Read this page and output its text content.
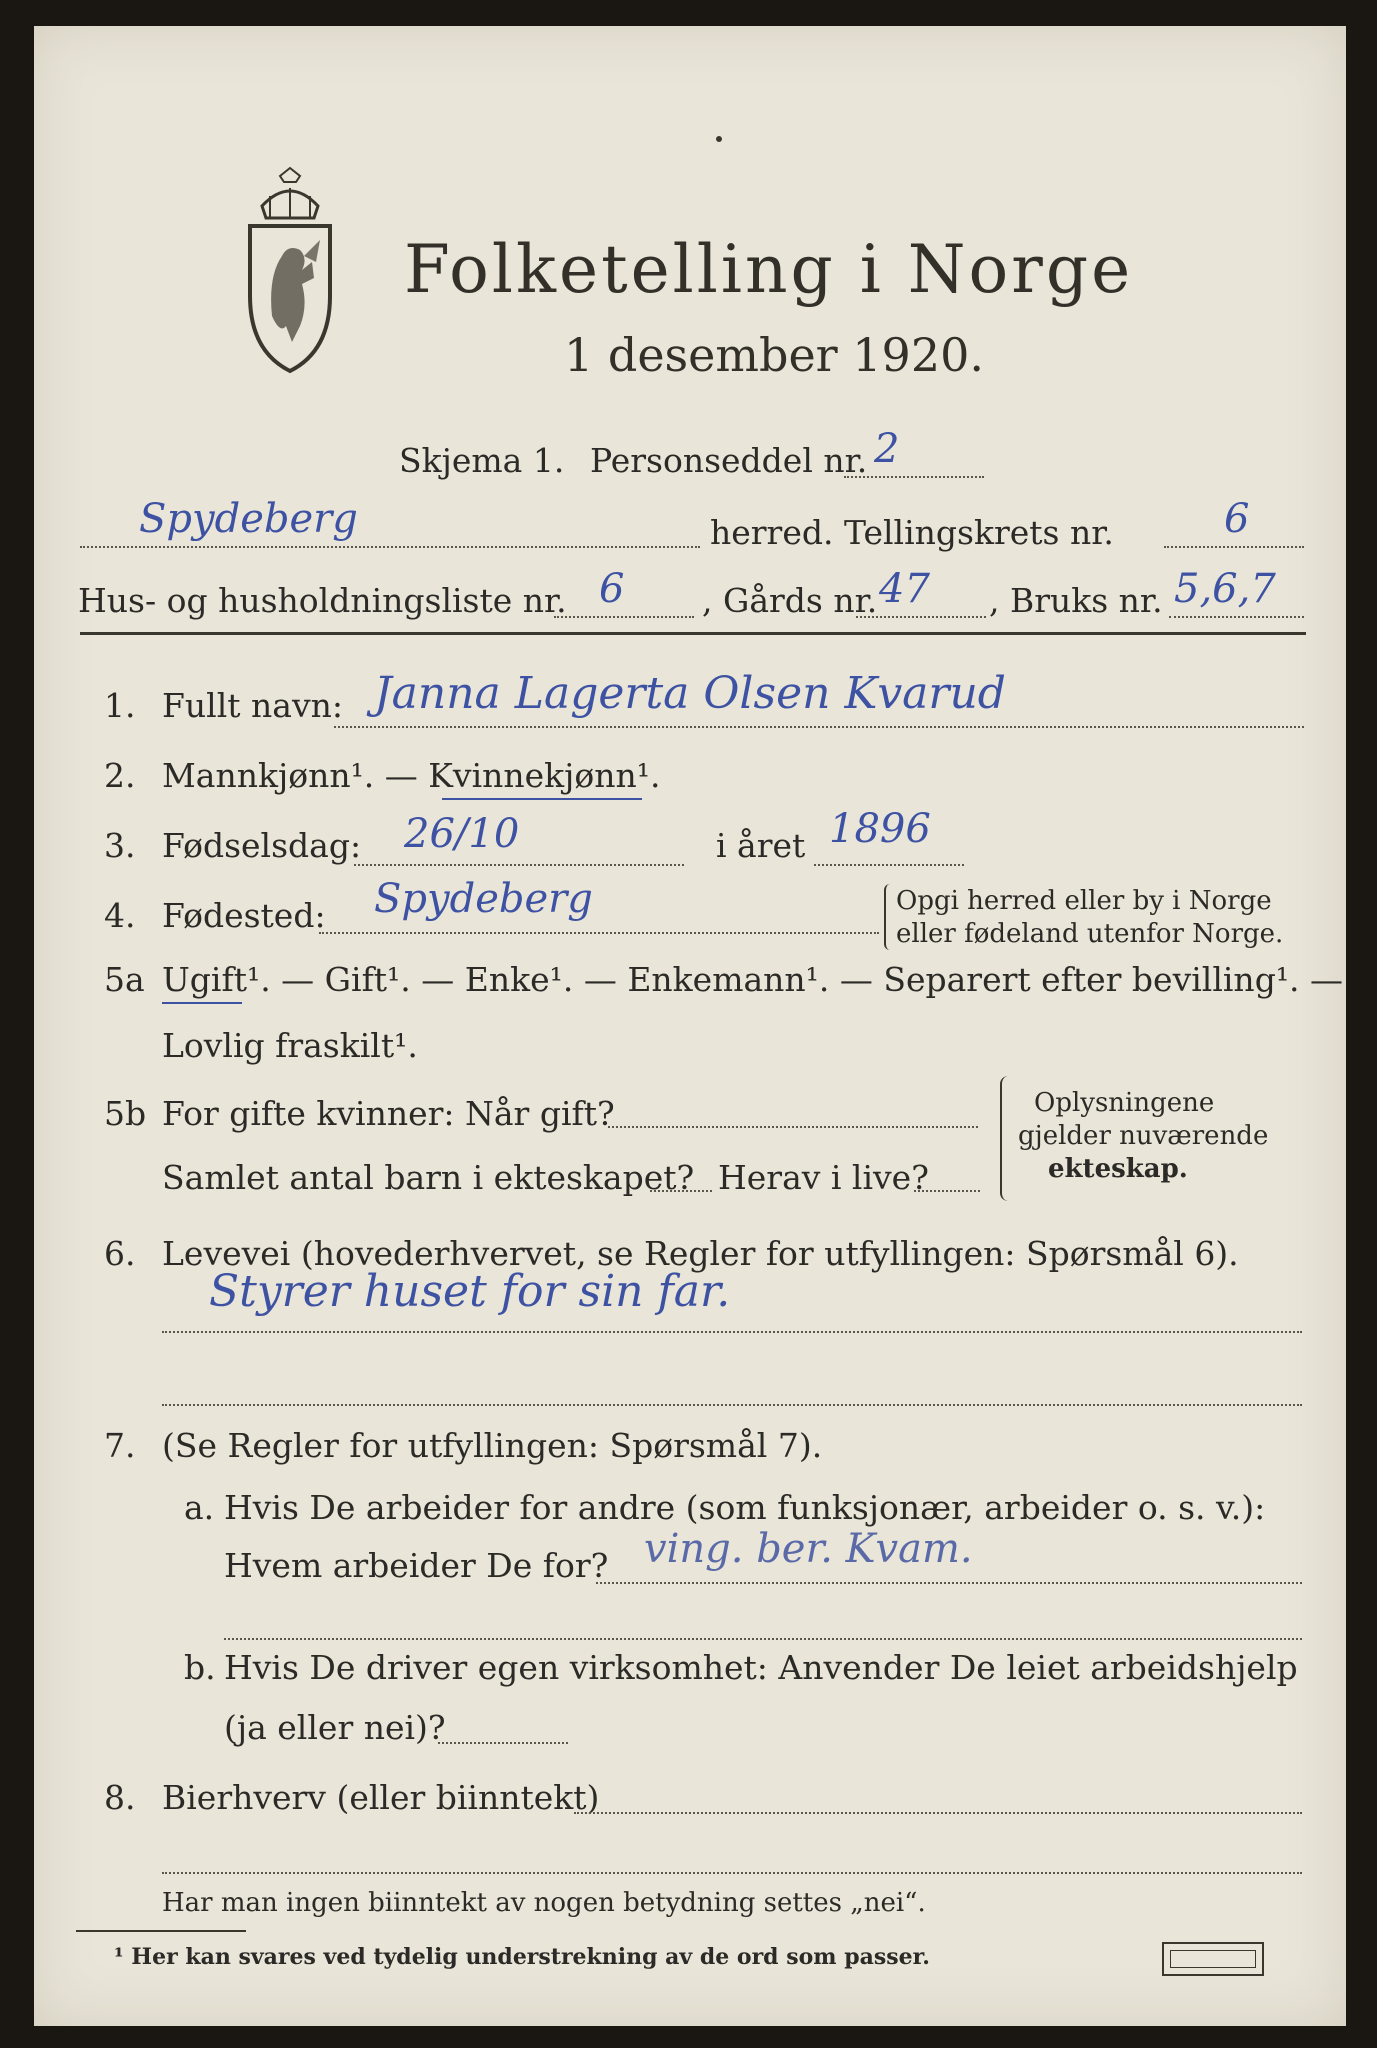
Folketelling i Norge
1 desember 1920.
Skjema 1. Personseddel nr. 2
Spydeberg	herred. Tellingskrets nr.	6
Hus- og husholdningsliste nr. 6 , Gårds nr. 47 , Bruks nr. 5,6,7
1. Fullt navn: Janna Lagerta Olsen Kvarud
2. Mannkjønn¹. — Kvinnekjønn¹.
3. Fødselsdag: 26/10	i året 1896
4. Fødested: Spydeberg	Opgi herred eller by i Norge
eller fødeland utenfor Norge.
5a Ugift¹. — Gift¹. — Enke¹. — Enkemann¹. — Separert efter bevilling¹. —
Lovlig fraskilt¹.
5b For gifte kvinner: Når gift?
Samlet antal barn i ekteskapet? Herav i live?
Oplysningene
gjelder nuværende
ekteskap.
6. Levevei (hovederhvervet, se Regler for utfyllingen: Spørsmål 6).
Styrer huset for sin far.
7. (Se Regler for utfyllingen: Spørsmål 7).
a. Hvis De arbeider for andre (som funksjonær, arbeider o. s. v.):
Hvem arbeider De for? ving. ber. Kvam.
b. Hvis De driver egen virksomhet: Anvender De leiet arbeidshjelp
(ja eller nei)?
8. Bierhverv (eller biinntekt)
Har man ingen biinntekt av nogen betydning settes „nei“.
¹ Her kan svares ved tydelig understrekning av de ord som passer.
